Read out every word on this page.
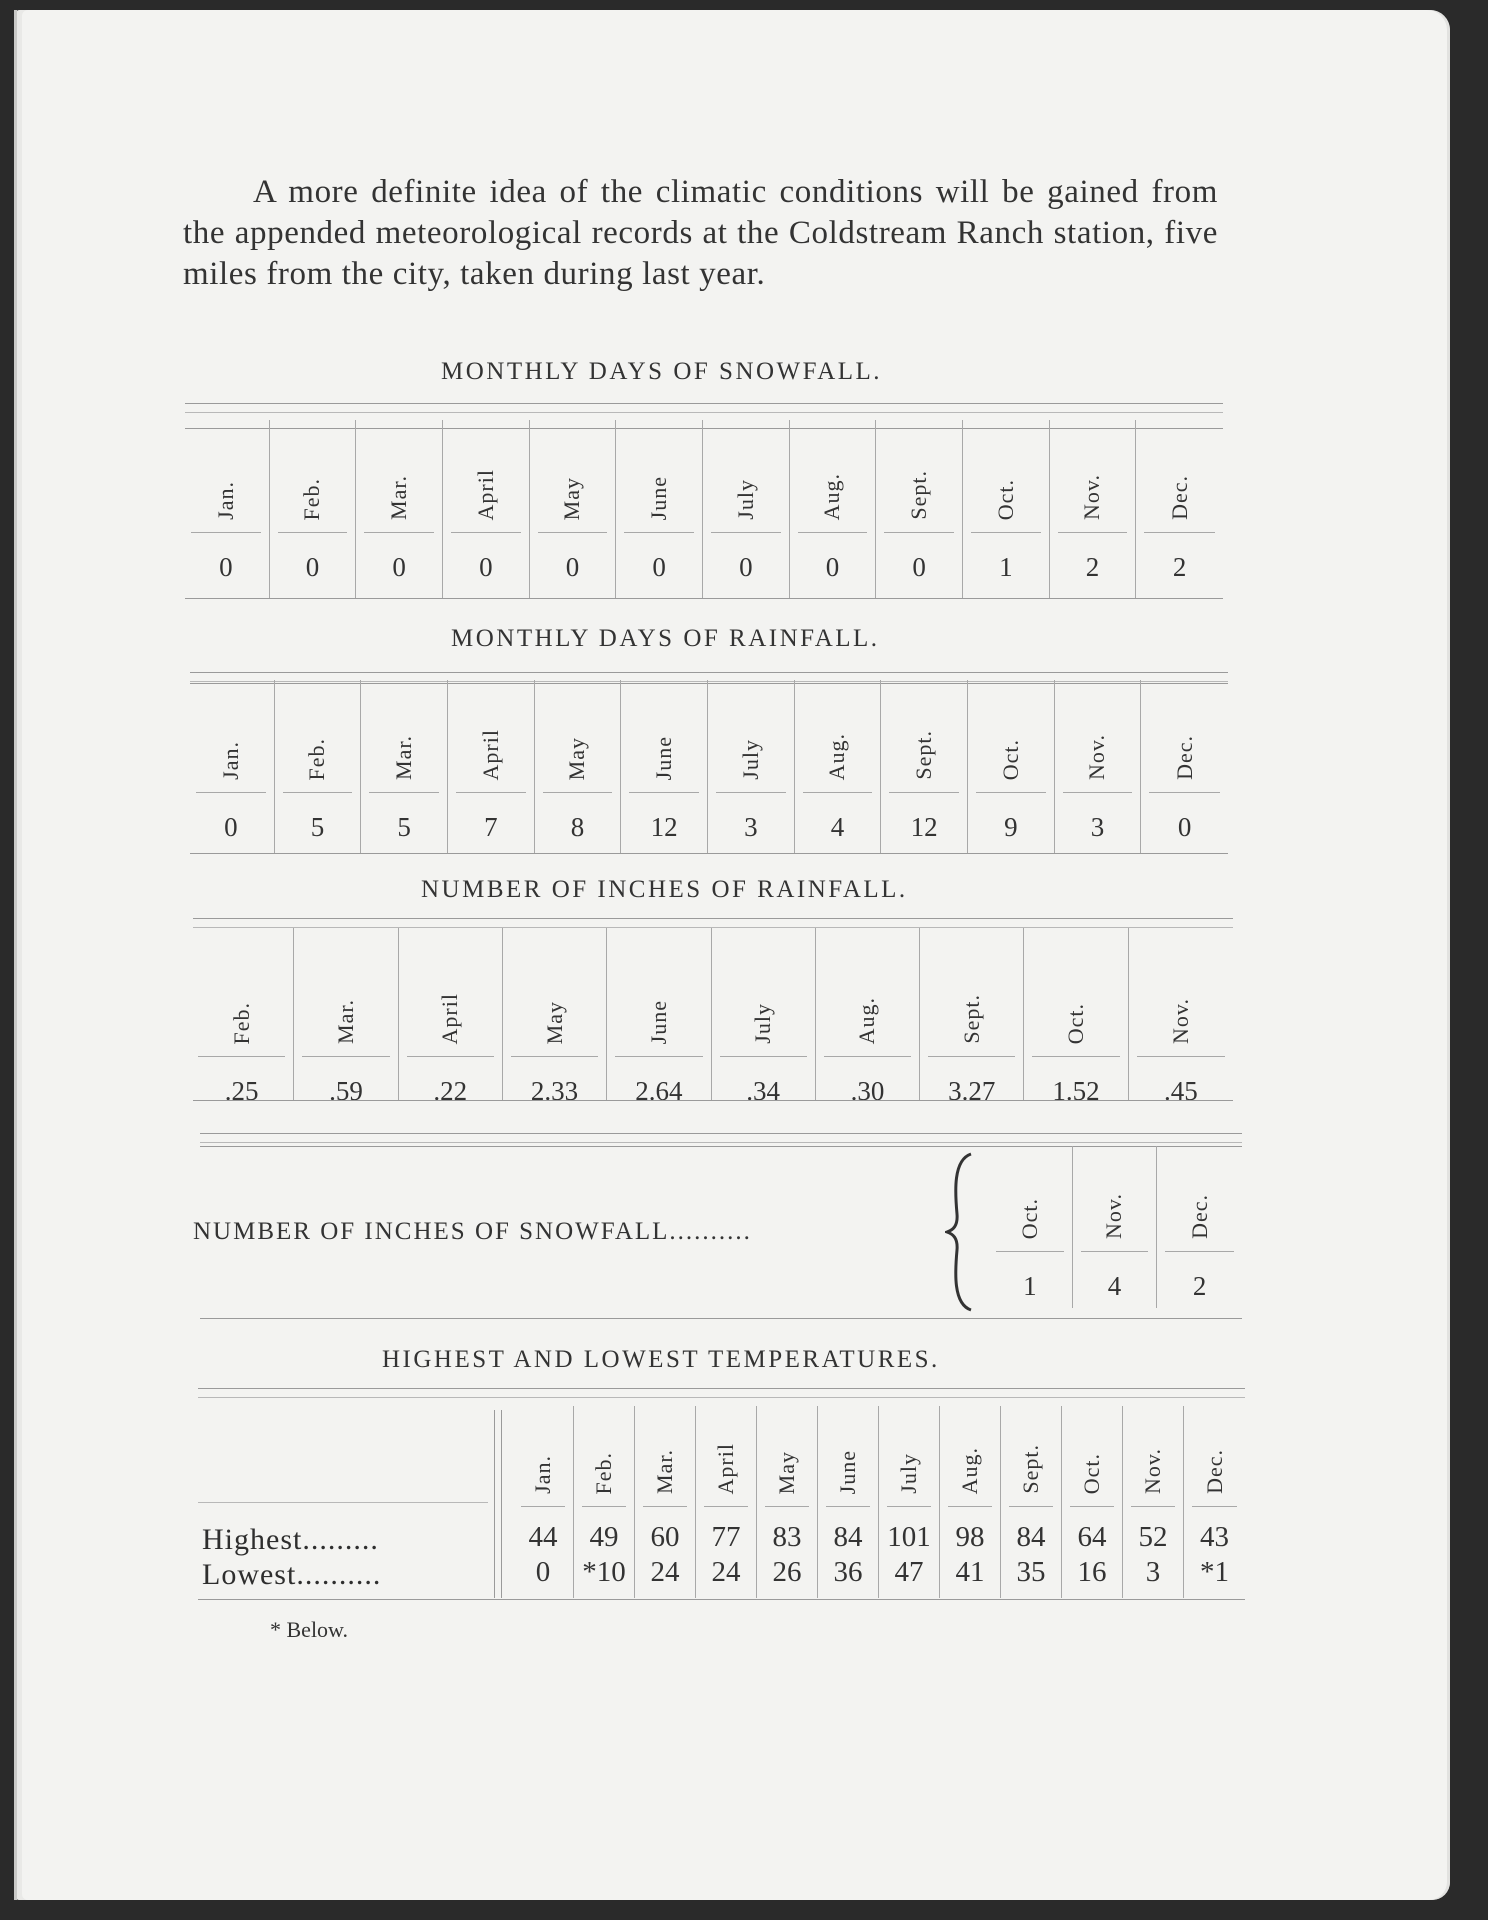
A more definite idea of the climatic conditions will be gained from the appended meteorological records at the Coldstream Ranch station, five miles from the city, taken during last year.

MONTHLY DAYS OF SNOWFALL.
Jan.
0
Feb.
0
Mar.
0
April
0
May
0
June
0
July
0
Aug.
0
Sept.
0
Oct.
1
Nov.
2
Dec.
2
MONTHLY DAYS OF RAINFALL.
Jan.
0
Feb.
5
Mar.
5
April
7
May
8
June
12
July
3
Aug.
4
Sept.
12
Oct.
9
Nov.
3
Dec.
0
NUMBER OF INCHES OF RAINFALL.
Feb.
.25
Mar.
.59
April
.22
May
2.33
June
2.64
July
.34
Aug.
.30
Sept.
3.27
Oct.
1.52
Nov.
.45
NUMBER OF INCHES OF SNOWFALL..........	Oct.
1
Nov.
4
Dec.
2
HIGHEST AND LOWEST TEMPERATURES.
Highest.........
Lowest..........
Jan.
44
0
Feb.
49
*10
Mar.
60
24
April
77
24
May
83
26
June
84
36
July
101
47
Aug.
98
41
Sept.
84
35
Oct.
64
16
Nov.
52
3
Dec.
43
*1
* Below.
